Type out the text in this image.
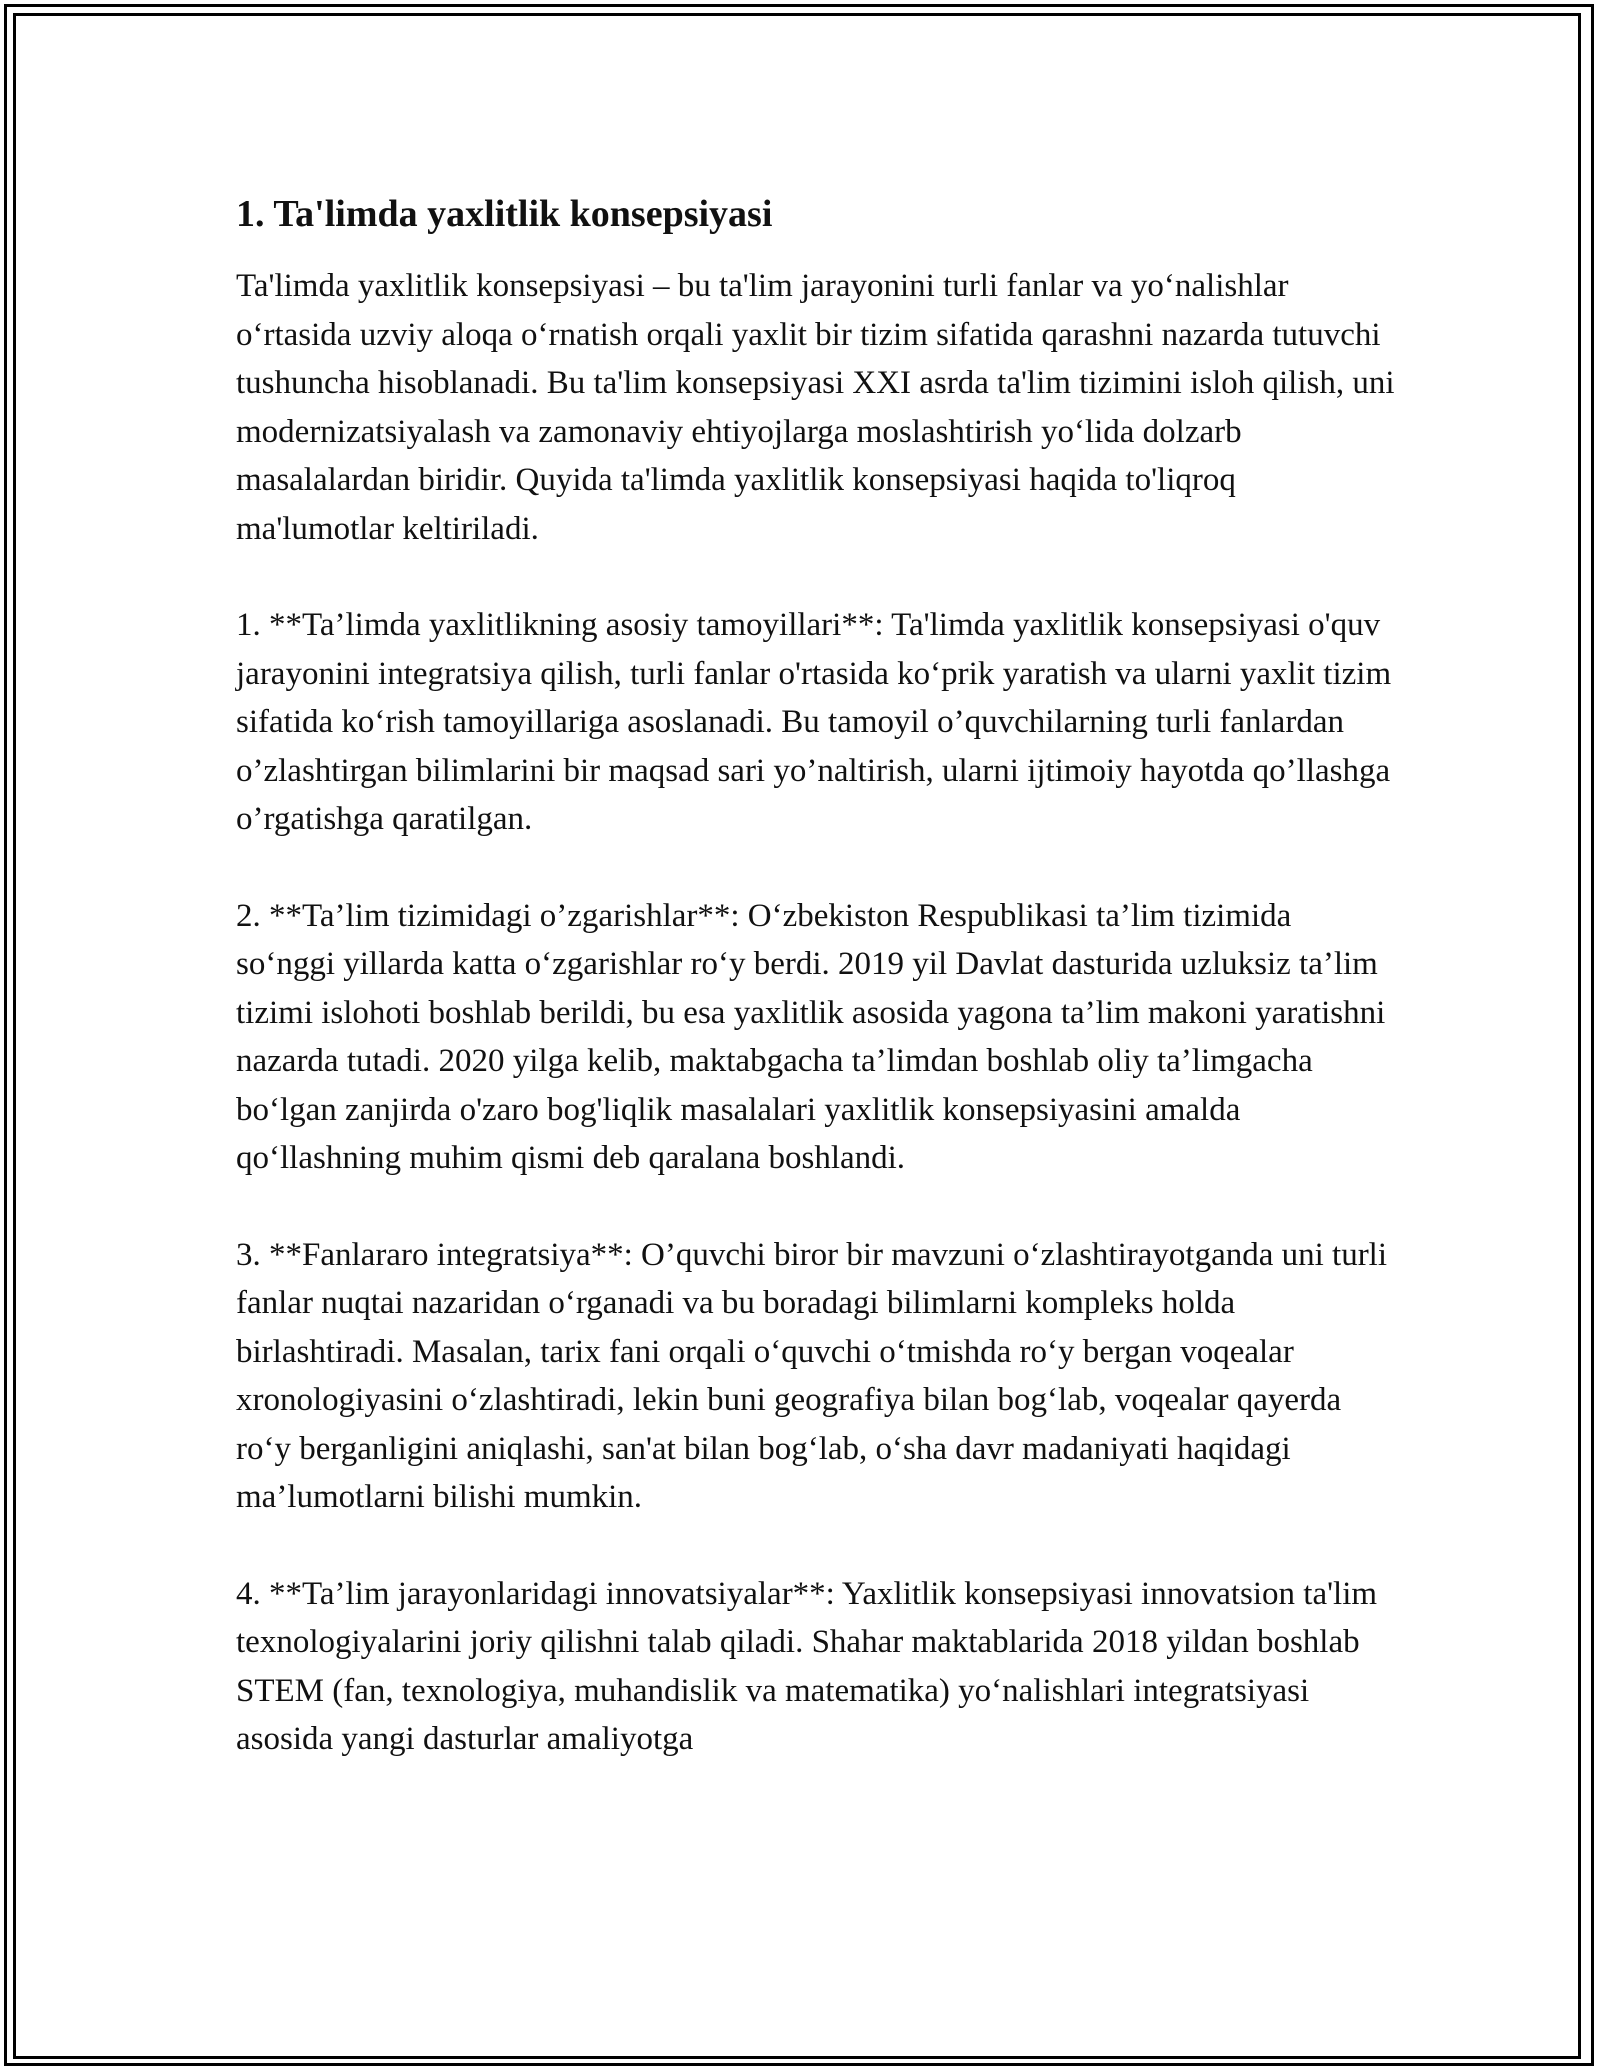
1. Ta'limda yaxlitlik konsepsiyasi

Ta'limda yaxlitlik konsepsiyasi – bu ta'lim jarayonini turli fanlar va yo‘nalishlar o‘rtasida uzviy aloqa o‘rnatish orqali yaxlit bir tizim sifatida qarashni nazarda tutuvchi tushuncha hisoblanadi. Bu ta'lim konsepsiyasi XXI asrda ta'lim tizimini isloh qilish, uni modernizatsiyalash va zamonaviy ehtiyojlarga moslashtirish yo‘lida dolzarb masalalardan biridir. Quyida ta'limda yaxlitlik konsepsiyasi haqida to'liqroq ma'lumotlar keltiriladi.

1. **Ta’limda yaxlitlikning asosiy tamoyillari**: Ta'limda yaxlitlik konsepsiyasi o'quv jarayonini integratsiya qilish, turli fanlar o'rtasida ko‘prik yaratish va ularni yaxlit tizim sifatida ko‘rish tamoyillariga asoslanadi. Bu tamoyil o’quvchilarning turli fanlardan o’zlashtirgan bilimlarini bir maqsad sari yo’naltirish, ularni ijtimoiy hayotda qo’llashga o’rgatishga qaratilgan.

2. **Ta’lim tizimidagi o’zgarishlar**: O‘zbekiston Respublikasi ta’lim tizimida so‘nggi yillarda katta o‘zgarishlar ro‘y berdi. 2019 yil Davlat dasturida uzluksiz ta’lim tizimi islohoti boshlab berildi, bu esa yaxlitlik asosida yagona ta’lim makoni yaratishni nazarda tutadi. 2020 yilga kelib, maktabgacha ta’limdan boshlab oliy ta’limgacha bo‘lgan zanjirda o'zaro bog'liqlik masalalari yaxlitlik konsepsiyasini amalda qo‘llashning muhim qismi deb qaralana boshlandi.

3. **Fanlararo integratsiya**: O’quvchi biror bir mavzuni o‘zlashtirayotganda uni turli fanlar nuqtai nazaridan o‘rganadi va bu boradagi bilimlarni kompleks holda birlashtiradi. Masalan, tarix fani orqali o‘quvchi o‘tmishda ro‘y bergan voqealar xronologiyasini o‘zlashtiradi, lekin buni geografiya bilan bog‘lab, voqealar qayerda ro‘y berganligini aniqlashi, san'at bilan bog‘lab, o‘sha davr madaniyati haqidagi ma’lumotlarni bilishi mumkin.

4. **Ta’lim jarayonlaridagi innovatsiyalar**: Yaxlitlik konsepsiyasi innovatsion ta'lim texnologiyalarini joriy qilishni talab qiladi. Shahar maktablarida 2018 yildan boshlab STEM (fan, texnologiya, muhandislik va matematika) yo‘nalishlari integratsiyasi asosida yangi dasturlar amaliyotga
